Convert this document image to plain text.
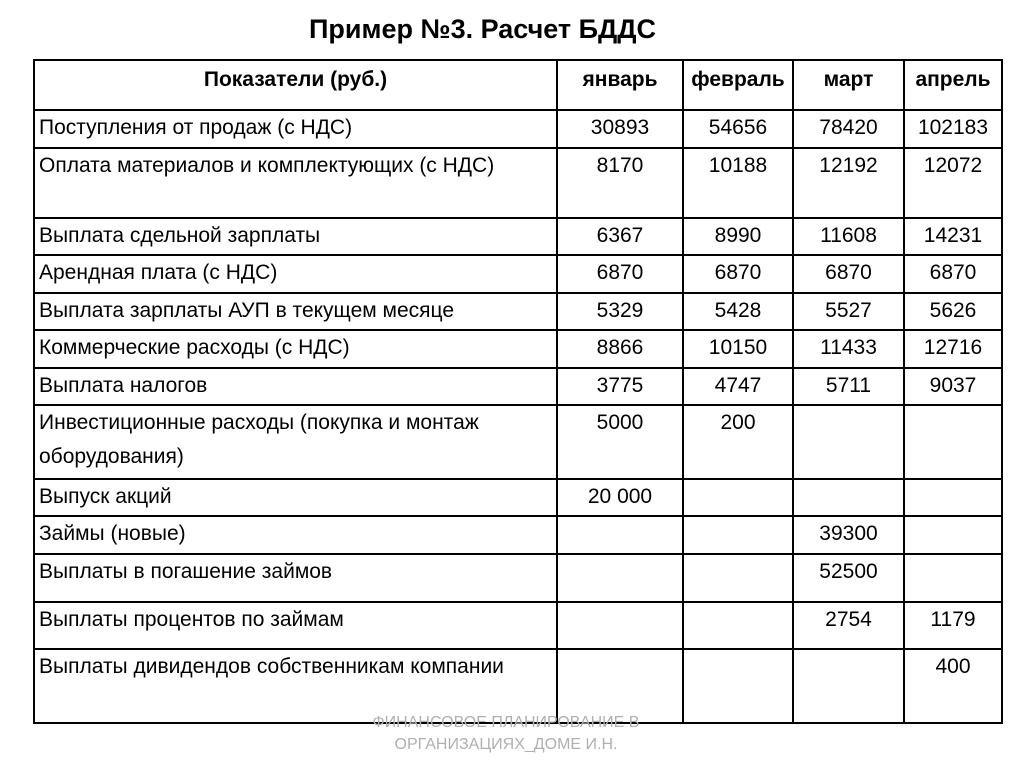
Пример №3. Расчет БДДС
Показатели (руб.)	январь	февраль	март	апрель
Поступления от продаж (с НДС)	30893	54656	78420	102183
Оплата материалов и комплектующих (с НДС)	8170	10188	12192	12072
Выплата сдельной зарплаты	6367	8990	11608	14231
Арендная плата (с НДС)	6870	6870	6870	6870
Выплата зарплаты АУП в текущем месяце	5329	5428	5527	5626
Коммерческие расходы (с НДС)	8866	10150	11433	12716
Выплата налогов	3775	4747	5711	9037
Инвестиционные расходы (покупка и монтаж оборудования)	5000	200		
Выпуск акций	20 000			
Займы (новые)			39300	
Выплаты в погашение займов			52500	
Выплаты процентов по займам			2754	1179
Выплаты дивидендов собственникам компании				400
ФИНАНСОВОЕ ПЛАНИРОВАНИЕ В
ОРГАНИЗАЦИЯХ_ДОМЕ И.Н.
